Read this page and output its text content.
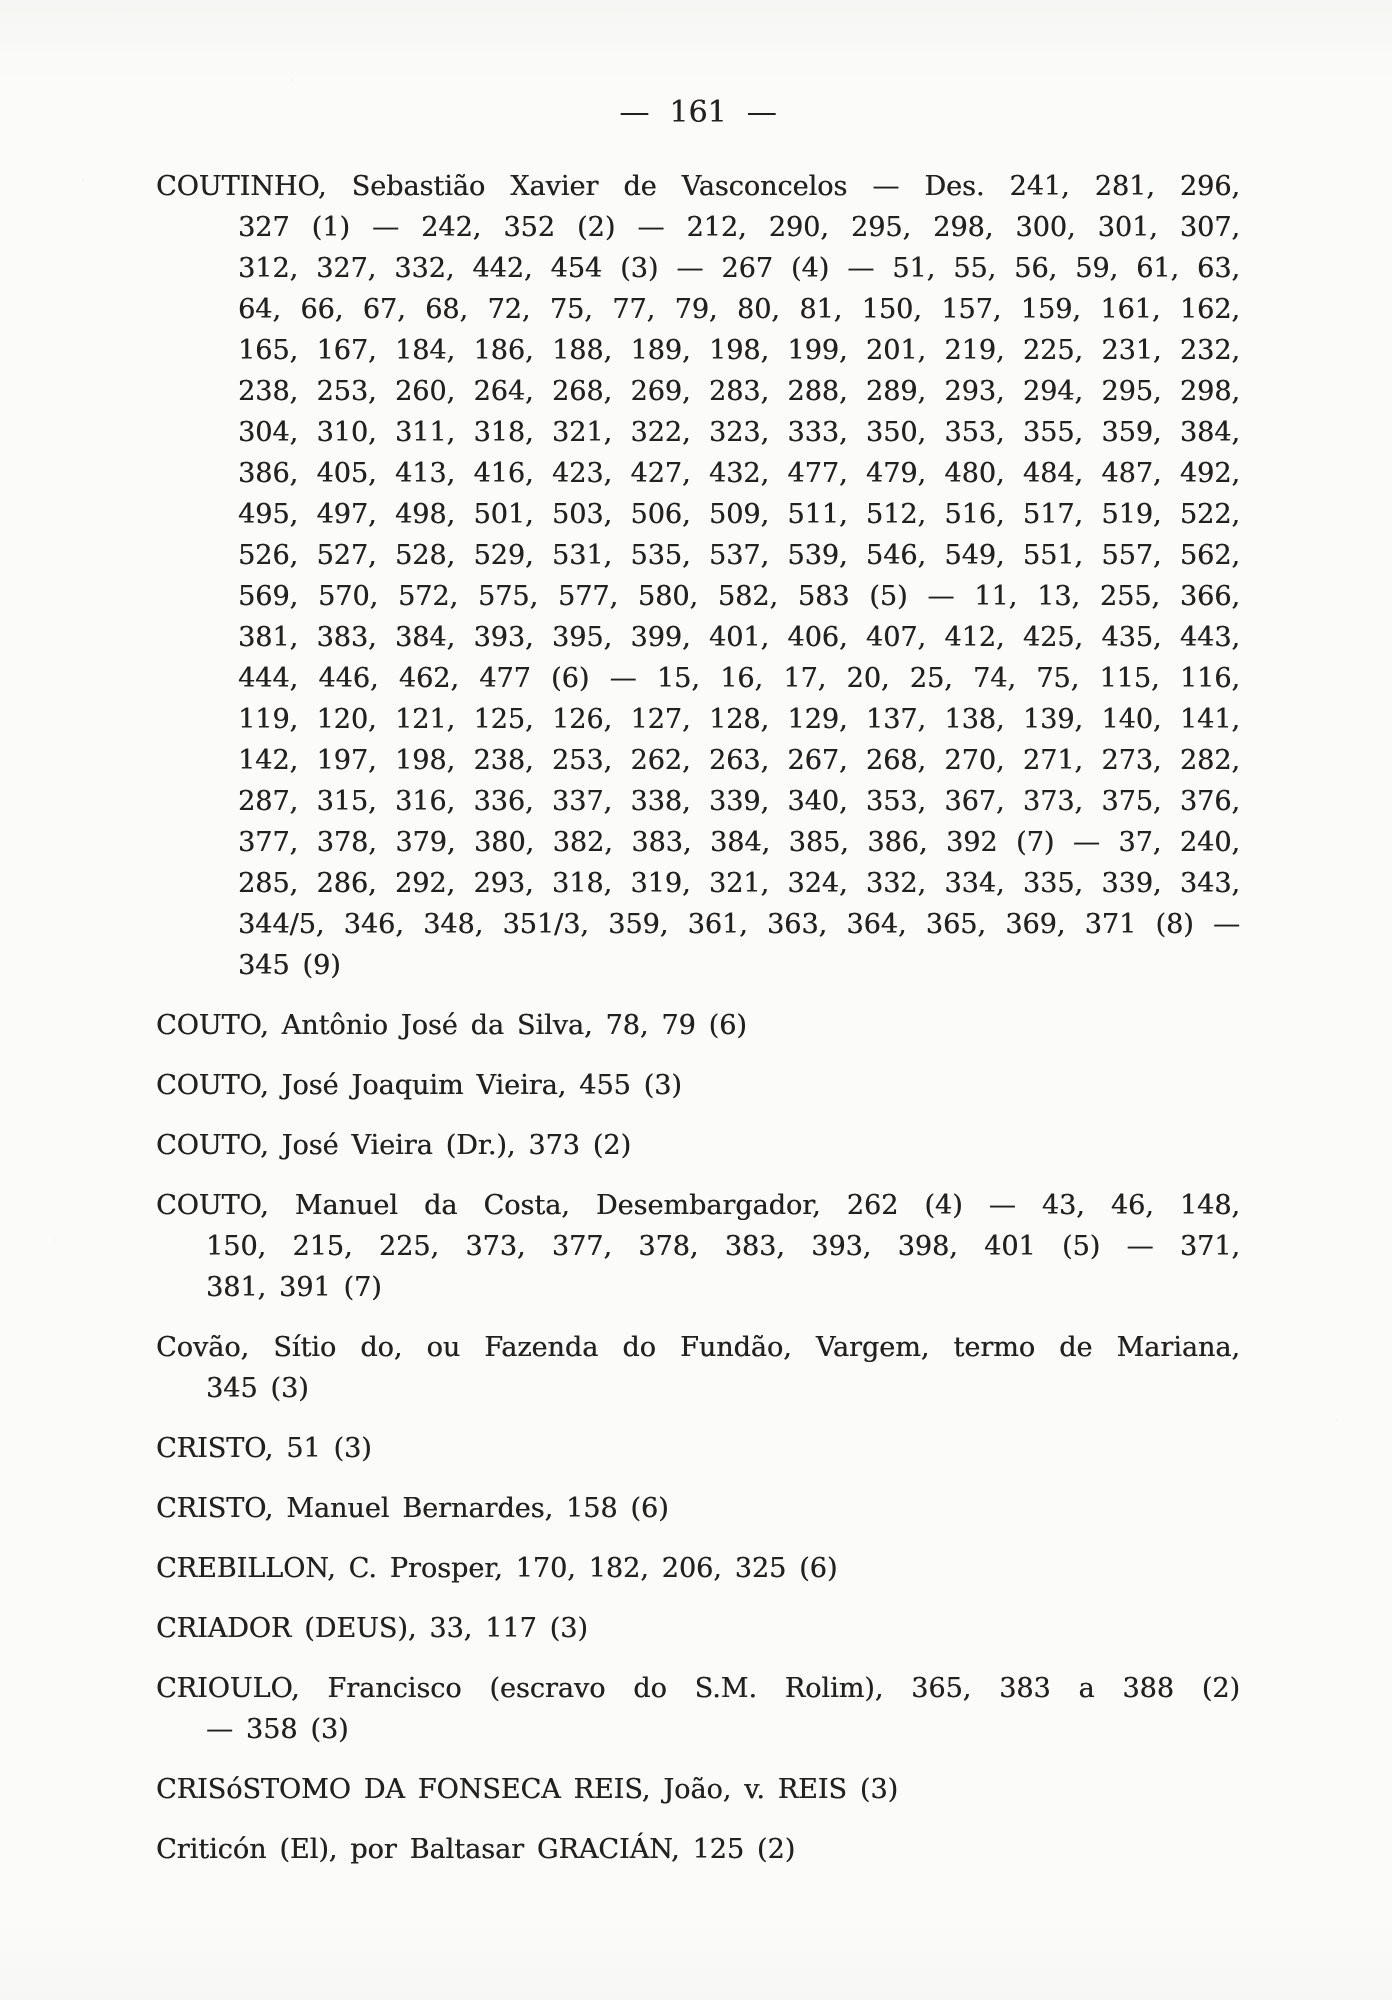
— 161 —
COUTINHO, Sebastião Xavier de Vasconcelos — Des. 241, 281, 296,
327 (1) — 242, 352 (2) — 212, 290, 295, 298, 300, 301, 307,
312, 327, 332, 442, 454 (3) — 267 (4) — 51, 55, 56, 59, 61, 63,
64, 66, 67, 68, 72, 75, 77, 79, 80, 81, 150, 157, 159, 161, 162,
165, 167, 184, 186, 188, 189, 198, 199, 201, 219, 225, 231, 232,
238, 253, 260, 264, 268, 269, 283, 288, 289, 293, 294, 295, 298,
304, 310, 311, 318, 321, 322, 323, 333, 350, 353, 355, 359, 384,
386, 405, 413, 416, 423, 427, 432, 477, 479, 480, 484, 487, 492,
495, 497, 498, 501, 503, 506, 509, 511, 512, 516, 517, 519, 522,
526, 527, 528, 529, 531, 535, 537, 539, 546, 549, 551, 557, 562,
569, 570, 572, 575, 577, 580, 582, 583 (5) — 11, 13, 255, 366,
381, 383, 384, 393, 395, 399, 401, 406, 407, 412, 425, 435, 443,
444, 446, 462, 477 (6) — 15, 16, 17, 20, 25, 74, 75, 115, 116,
119, 120, 121, 125, 126, 127, 128, 129, 137, 138, 139, 140, 141,
142, 197, 198, 238, 253, 262, 263, 267, 268, 270, 271, 273, 282,
287, 315, 316, 336, 337, 338, 339, 340, 353, 367, 373, 375, 376,
377, 378, 379, 380, 382, 383, 384, 385, 386, 392 (7) — 37, 240,
285, 286, 292, 293, 318, 319, 321, 324, 332, 334, 335, 339, 343,
344/5, 346, 348, 351/3, 359, 361, 363, 364, 365, 369, 371 (8) —
345 (9)
COUTO, Antônio José da Silva, 78, 79 (6)
COUTO, José Joaquim Vieira, 455 (3)
COUTO, José Vieira (Dr.), 373 (2)
COUTO, Manuel da Costa, Desembargador, 262 (4) — 43, 46, 148,
150, 215, 225, 373, 377, 378, 383, 393, 398, 401 (5) — 371,
381, 391 (7)
Covão, Sítio do, ou Fazenda do Fundão, Vargem, termo de Mariana,
345 (3)
CRISTO, 51 (3)
CRISTO, Manuel Bernardes, 158 (6)
CREBILLON, C. Prosper, 170, 182, 206, 325 (6)
CRIADOR (DEUS), 33, 117 (3)
CRIOULO, Francisco (escravo do S.M. Rolim), 365, 383 a 388 (2)
— 358 (3)
CRISóSTOMO DA FONSECA REIS, João, v. REIS (3)
Criticón (El), por Baltasar GRACIÁN, 125 (2)
